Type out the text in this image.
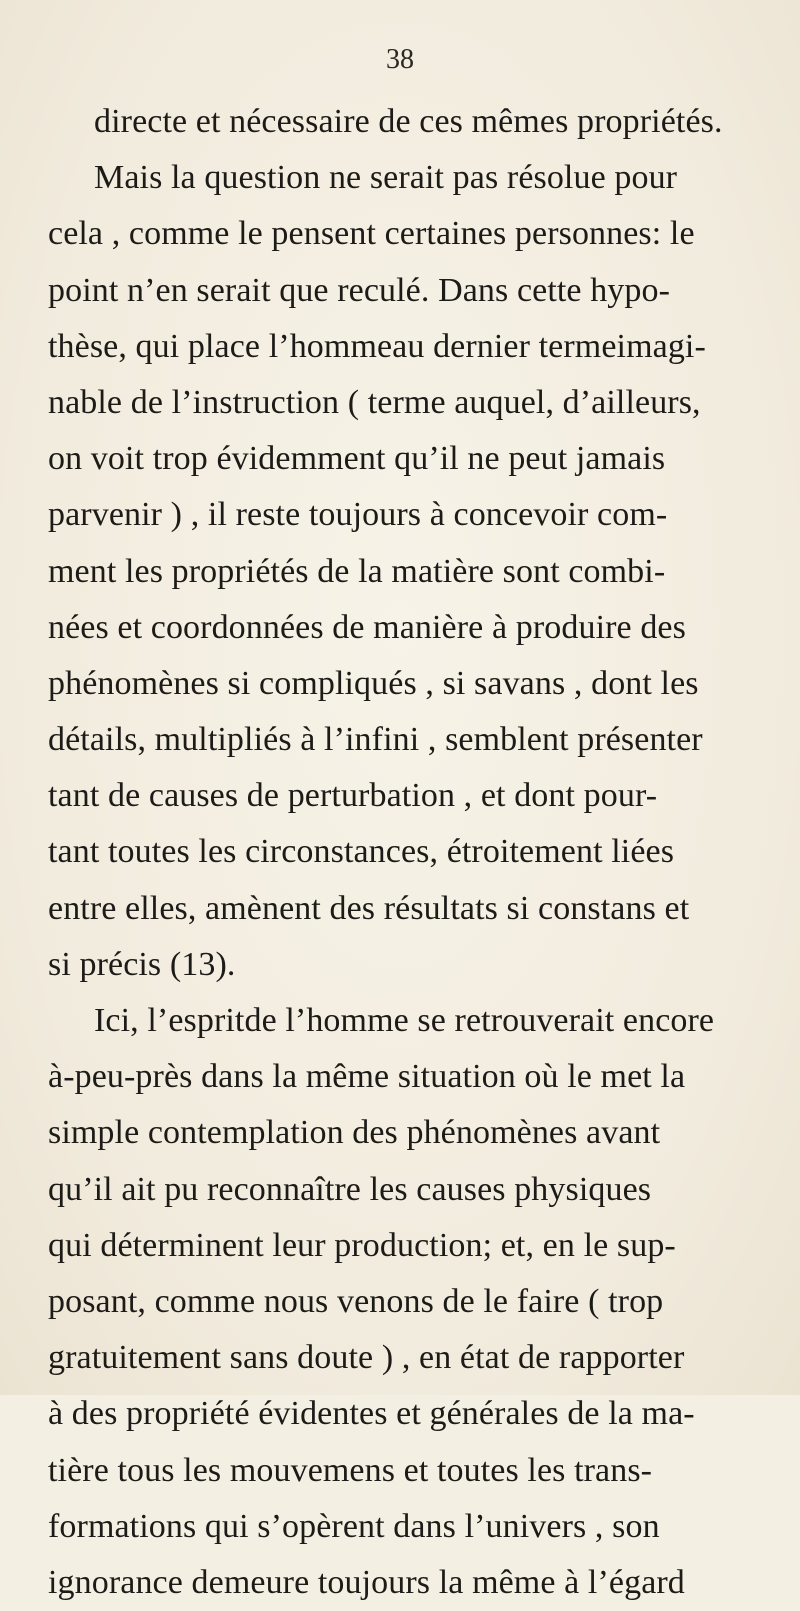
38
directe et nécessaire de ces mêmes propriétés.
Mais la question ne serait pas résolue pour
cela , comme le pensent certaines personnes: le
point n’en serait que reculé. Dans cette hypo-
thèse, qui place l’hommeau dernier termeimagi-
nable de l’instruction ( terme auquel, d’ailleurs,
on voit trop évidemment qu’il ne peut jamais
parvenir ) , il reste toujours à concevoir com-
ment les propriétés de la matière sont combi-
nées et coordonnées de manière à produire des
phénomènes si compliqués , si savans , dont les
détails, multipliés à l’infini , semblent présenter
tant de causes de perturbation , et dont pour-
tant toutes les circonstances, étroitement liées
entre elles, amènent des résultats si constans et
si précis (13).
Ici, l’espritde l’homme se retrouverait encore
à-peu-près dans la même situation où le met la
simple contemplation des phénomènes avant
qu’il ait pu reconnaître les causes physiques
qui déterminent leur production; et, en le sup-
posant, comme nous venons de le faire ( trop
gratuitement sans doute ) , en état de rapporter
à des propriété évidentes et générales de la ma-
tière tous les mouvemens et toutes les trans-
formations qui s’opèrent dans l’univers , son
ignorance demeure toujours la même à l’égard
